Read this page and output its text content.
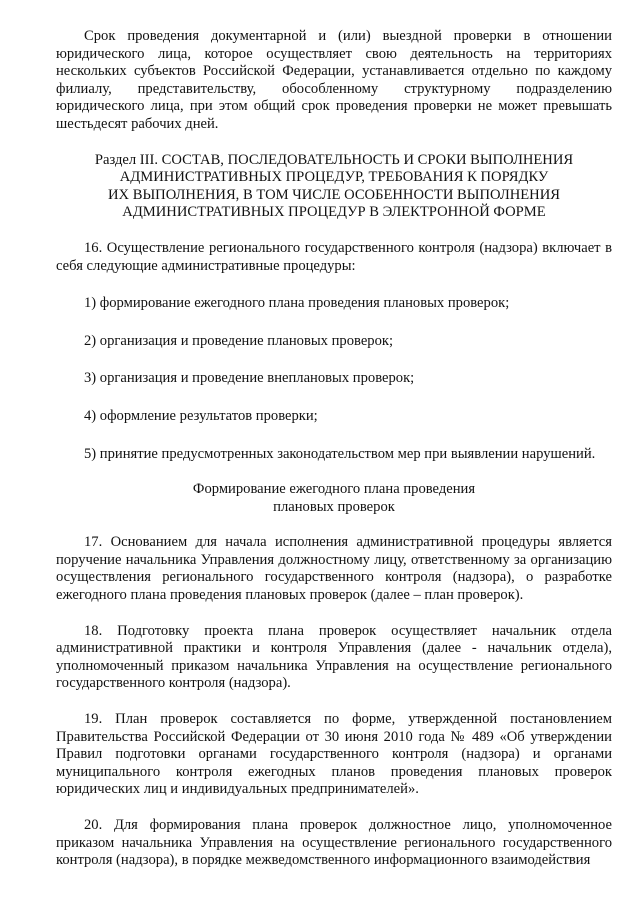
Срок проведения документарной и (или) выездной проверки в отношении юридического лица, которое осуществляет свою деятельность на территориях нескольких субъектов Российской Федерации, устанавливается отдельно по каждому филиалу, представительству, обособленному структурному подразделению юридического лица, при этом общий срок проведения проверки не может превышать шестьдесят рабочих дней.

Раздел III. СОСТАВ, ПОСЛЕДОВАТЕЛЬНОСТЬ И СРОКИ ВЫПОЛНЕНИЯ
АДМИНИСТРАТИВНЫХ ПРОЦЕДУР, ТРЕБОВАНИЯ К ПОРЯДКУ
ИХ ВЫПОЛНЕНИЯ, В ТОМ ЧИСЛЕ ОСОБЕННОСТИ ВЫПОЛНЕНИЯ
АДМИНИСТРАТИВНЫХ ПРОЦЕДУР В ЭЛЕКТРОННОЙ ФОРМЕ

16. Осуществление регионального государственного контроля (надзора) включает в себя следующие административные процедуры:

1) формирование ежегодного плана проведения плановых проверок;

2) организация и проведение плановых проверок;

3) организация и проведение внеплановых проверок;

4) оформление результатов проверки;

5) принятие предусмотренных законодательством мер при выявлении нарушений.

Формирование ежегодного плана проведения
плановых проверок

17. Основанием для начала исполнения административной процедуры является поручение начальника Управления должностному лицу, ответственному за организацию осуществления регионального государственного контроля (надзора), о разработке ежегодного плана проведения плановых проверок (далее – план проверок).

18. Подготовку проекта плана проверок осуществляет начальник отдела административной практики и контроля Управления (далее - начальник отдела), уполномоченный приказом начальника Управления на осуществление регионального государственного контроля (надзора).

19. План проверок составляется по форме, утвержденной постановлением Правительства Российской Федерации от 30 июня 2010 года № 489 «Об утверждении Правил подготовки органами государственного контроля (надзора) и органами муниципального контроля ежегодных планов проведения плановых проверок юридических лиц и индивидуальных предпринимателей».

20. Для формирования плана проверок должностное лицо, уполномоченное приказом начальника Управления на осуществление регионального государственного контроля (надзора), в порядке межведомственного информационного взаимодействия
